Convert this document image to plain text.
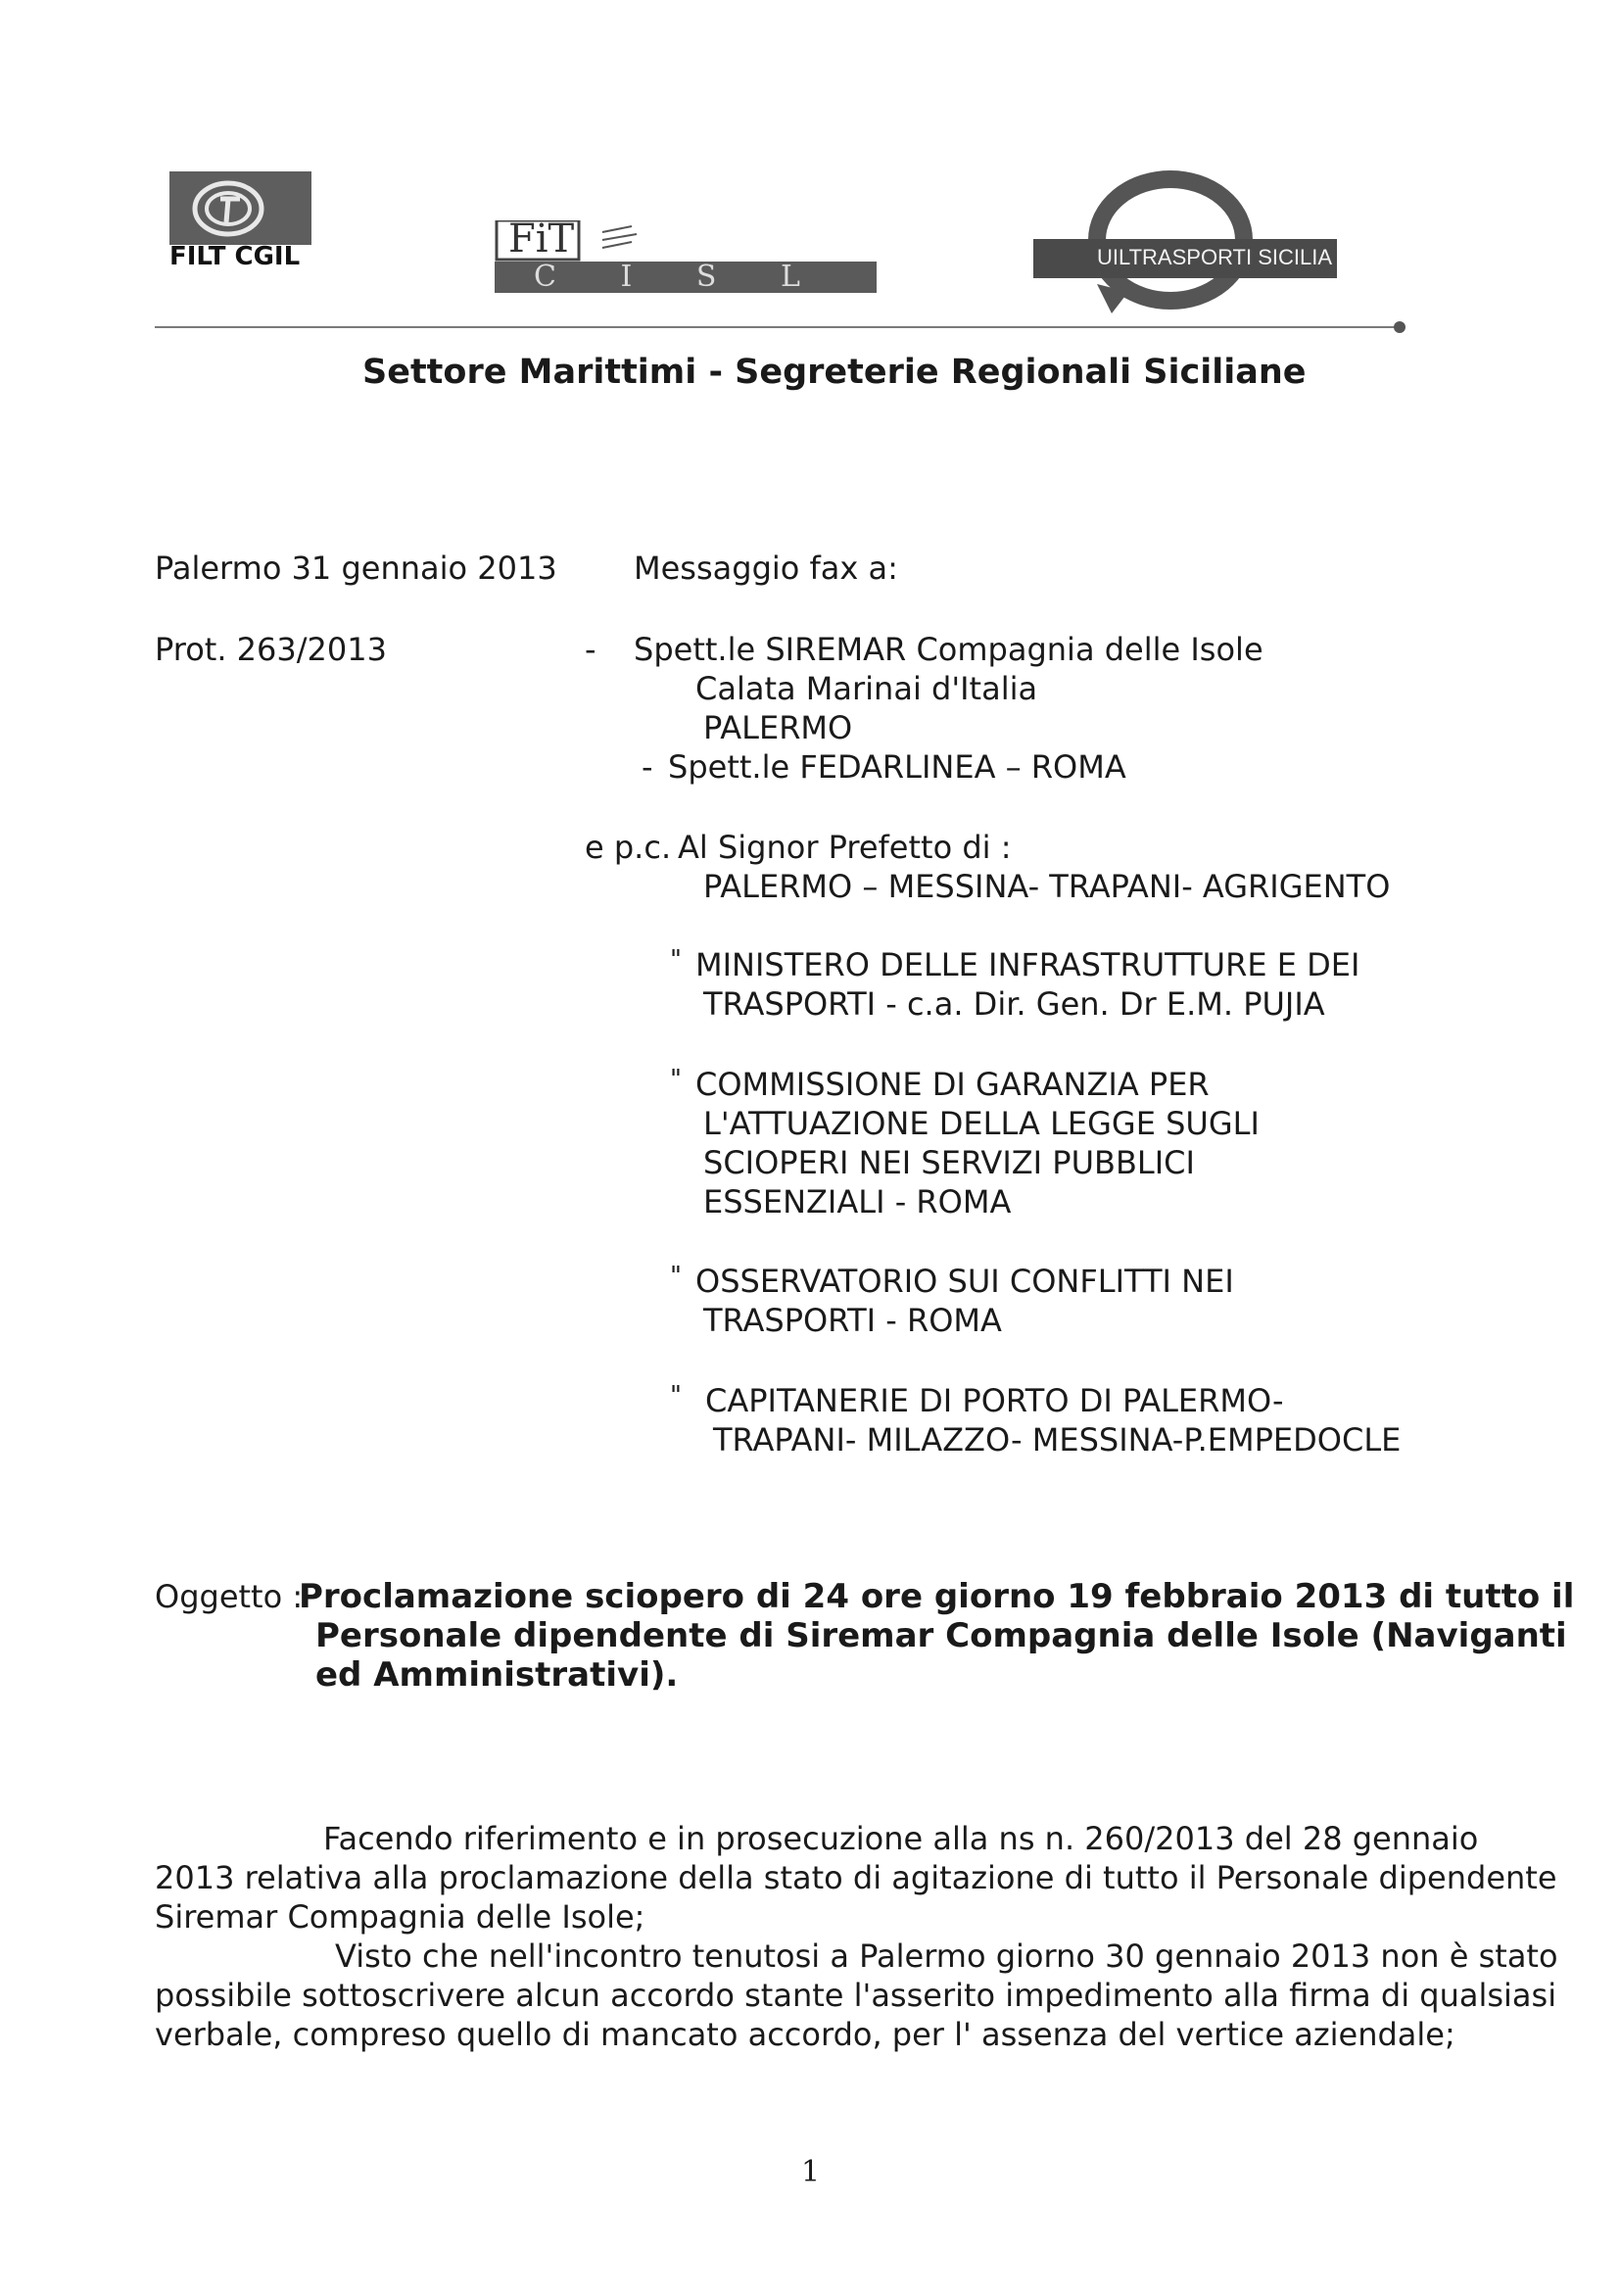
FILT CGIL	FiT
C I S L
UILTRASPORTI SICILIA
Settore Marittimi - Segreterie Regionali Siciliane
Palermo 31 gennaio 2013
Prot. 263/2013
Messaggio fax a:
- Spett.le SIREMAR Compagnia delle Isole
Calata Marinai d'Italia
PALERMO
- Spett.le FEDARLINEA – ROMA
e p.c. Al Signor Prefetto di :
PALERMO – MESSINA- TRAPANI- AGRIGENTO
" MINISTERO DELLE INFRASTRUTTURE E DEI
TRASPORTI - c.a. Dir. Gen. Dr E.M. PUJIA
" COMMISSIONE DI GARANZIA PER
L'ATTUAZIONE DELLA LEGGE SUGLI
SCIOPERI NEI SERVIZI PUBBLICI
ESSENZIALI - ROMA
" OSSERVATORIO SUI CONFLITTI NEI
TRASPORTI - ROMA
" CAPITANERIE DI PORTO DI PALERMO-
TRAPANI- MILAZZO- MESSINA-P.EMPEDOCLE
Oggetto :
Proclamazione sciopero di 24 ore giorno 19 febbraio 2013 di tutto il
Personale dipendente di Siremar Compagnia delle Isole (Naviganti
ed Amministrativi).
Facendo riferimento e in prosecuzione alla ns n. 260/2013 del 28 gennaio
2013 relativa alla proclamazione della stato di agitazione di tutto il Personale dipendente
Siremar Compagnia delle Isole;
Visto che nell'incontro tenutosi a Palermo giorno 30 gennaio 2013 non è stato
possibile sottoscrivere alcun accordo stante l'asserito impedimento alla firma di qualsiasi
verbale, compreso quello di mancato accordo, per l' assenza del vertice aziendale;
1
